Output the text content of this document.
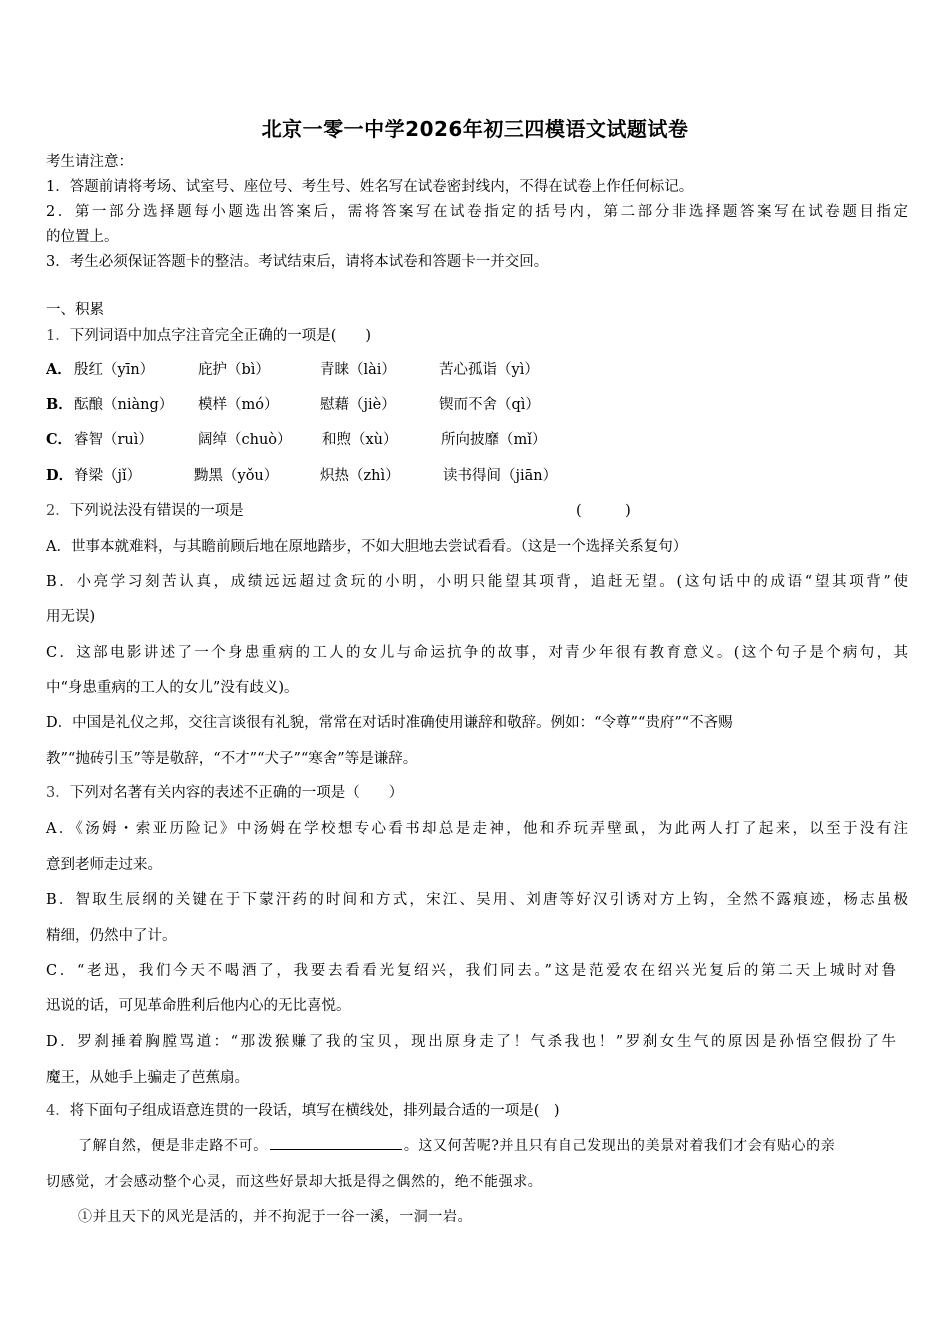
北京一零一中学2026年初三四模语文试题试卷
考生请注意：
1．答题前请将考场、试室号、座位号、考生号、姓名写在试卷密封线内，不得在试卷上作任何标记。
2．第一部分选择题每小题选出答案后，需将答案写在试卷指定的括号内，第二部分非选择题答案写在试卷题目指定
的位置上。
3．考生必须保证答题卡的整洁。考试结束后，请将本试卷和答题卡一并交回。
一、积累
1．下列词语中加点字注音完全正确的一项是(　　)
A． 殷红（yīn）	庇护（bì）	青睐（lài）	苦心孤诣（yì）
B． 酝酿（niàng） 模样（mó）	慰藉（jiè）	锲而不舍（qì）
C． 睿智（ruì）	阔绰（chuò） 和煦（xù）	所向披靡（mǐ）
D． 脊梁（jǐ）	黝黑（yǒu）	炽热（zhì）	读书得间（jiān）
2．下列说法没有错误的一项是	(　　　)
A．世事本就难料，与其瞻前顾后地在原地踏步，不如大胆地去尝试看看。（这是一个选择关系复句）
B．小亮学习刻苦认真，成绩远远超过贪玩的小明，小明只能望其项背，追赶无望。(这句话中的成语“望其项背”使
用无误)
C．这部电影讲述了一个身患重病的工人的女儿与命运抗争的故事，对青少年很有教育意义。(这个句子是个病句，其
中“身患重病的工人的女儿”没有歧义)。
D．中国是礼仪之邦，交往言谈很有礼貌，常常在对话时准确使用谦辞和敬辞。例如：“令尊”“贵府”“不吝赐
教”“抛砖引玉”等是敬辞，“不才”“犬子”“寒舍”等是谦辞。
3．下列对名著有关内容的表述不正确的一项是（　　）
A．《汤姆・索亚历险记》中汤姆在学校想专心看书却总是走神，他和乔玩弄壁虱，为此两人打了起来，以至于没有注
意到老师走过来。
B．智取生辰纲的关键在于下蒙汗药的时间和方式，宋江、吴用、刘唐等好汉引诱对方上钩，全然不露痕迹，杨志虽极
精细，仍然中了计。
C．“老迅，我们今天不喝酒了，我要去看看光复绍兴，我们同去。”这是范爱农在绍兴光复后的第二天上城时对鲁
迅说的话，可见革命胜利后他内心的无比喜悦。
D．罗刹捶着胸膛骂道：“那泼猴赚了我的宝贝，现出原身走了！气杀我也！”罗刹女生气的原因是孙悟空假扮了牛
魔王，从她手上骗走了芭蕉扇。
4．将下面句子组成语意连贯的一段话，填写在横线处，排列最合适的一项是(　)
了解自然，便是非走路不可。	。这又何苦呢?并且只有自己发现出的美景对着我们才会有贴心的亲
切感觉，才会感动整个心灵，而这些好景却大抵是得之偶然的，绝不能强求。
①并且天下的风光是活的，并不拘泥于一谷一溪，一洞一岩。
